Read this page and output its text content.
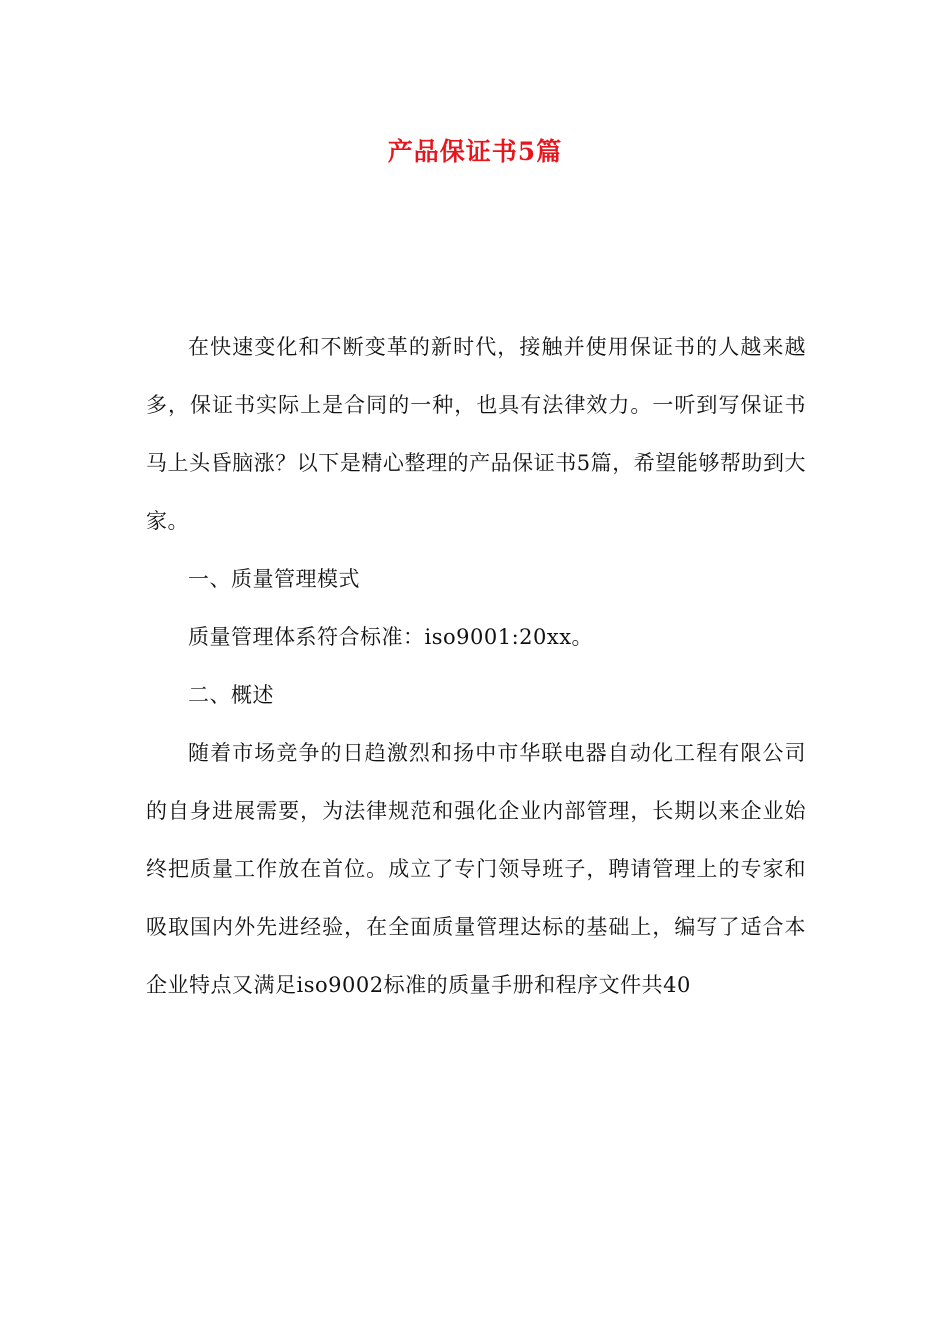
产品保证书5篇

在快速变化和不断变革的新时代，接触并使用保证书的人越来越多，保证书实际上是合同的一种，也具有法律效力。一听到写保证书马上头昏脑涨？以下是精心整理的产品保证书5篇，希望能够帮助到大家。

一、质量管理模式

质量管理体系符合标准：iso9001:20xx。

二、概述

随着市场竞争的日趋激烈和扬中市华联电器自动化工程有限公司的自身进展需要，为法律规范和强化企业内部管理，长期以来企业始终把质量工作放在首位。成立了专门领导班子，聘请管理上的专家和吸取国内外先进经验，在全面质量管理达标的基础上，编写了适合本企业特点又满足iso9002标准的质量手册和程序文件共40
